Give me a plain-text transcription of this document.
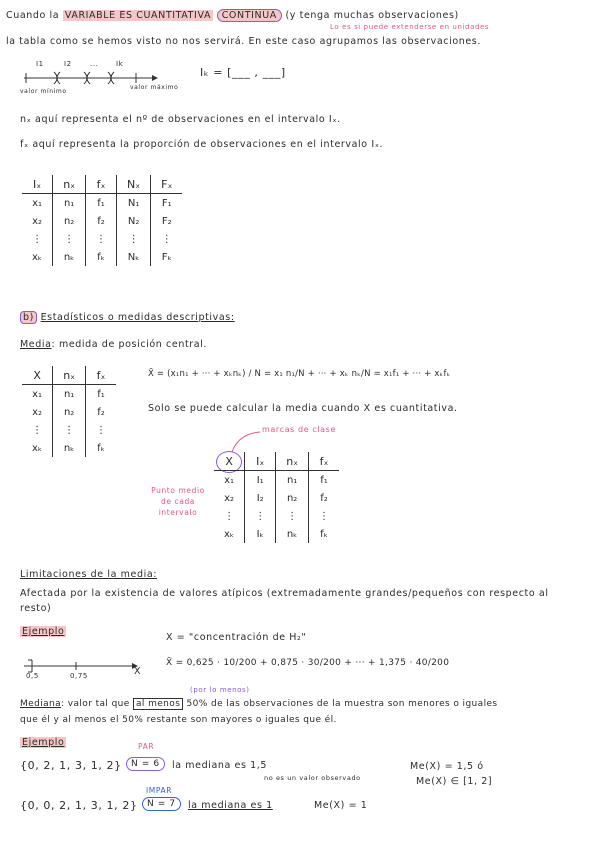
Cuando la VARIABLE ES CUANTITATIVA CONTINUA (y tenga muchas observaciones)
Lo es si puede extenderse en unidades
la tabla como se hemos visto no nos servirá. En este caso agrupamos las observaciones.
I1	I2	...	Ik
valor mínimo
valor máximo
Iₖ = [___ , ___]
nₓ aquí representa el nº de observaciones en el intervalo Iₓ.
fₓ aquí representa la proporción de observaciones en el intervalo Iₓ.
Iₓ	nₓ	fₓ	Nₓ	Fₓ
x₁	n₁	f₁	N₁	F₁
x₂	n₂	f₂	N₂	F₂
⋮	⋮	⋮	⋮	⋮
xₖ	nₖ	fₖ	Nₖ	Fₖ
b) Estadísticos o medidas descriptivas:
Media: medida de posición central.
X	nₓ	fₓ
x₁	n₁	f₁
x₂	n₂	f₂
⋮	⋮	⋮
xₖ	nₖ	fₖ
X̄ = (x₁n₁ + ··· + xₖnₖ) / N = x₁ n₁/N + ··· + xₖ nₖ/N = x₁f₁ + ··· + xₖfₖ
Solo se puede calcular la media cuando X es cuantitativa.
marcas de clase
Punto medio de cada intervalo
X	Iₓ	nₓ	fₓ
x₁	I₁	n₁	f₁
x₂	I₂	n₂	f₂
⋮	⋮	⋮	⋮
xₖ	Iₖ	nₖ	fₖ
Limitaciones de la media:
Afectada por la existencia de valores atípicos (extremadamente grandes/pequeños con respecto al
resto)
Ejemplo
X = "concentración de H₂"
X̄ = 0,625 · 10/200 + 0,875 · 30/200 + ··· + 1,375 · 40/200
0,5	0,75	X
(por lo menos)
Mediana: valor tal que al menos 50% de las observaciones de la muestra son menores o iguales
que él y al menos el 50% restante son mayores o iguales que él.
Ejemplo	PAR
{0, 2, 1, 3, 1, 2}	N = 6	la mediana es 1,5
no es un valor observado
Me(X) = 1,5 ó
Me(X) ∈ [1, 2]
IMPAR
{0, 0, 2, 1, 3, 1, 2}	N = 7	la mediana es 1	Me(X) = 1
